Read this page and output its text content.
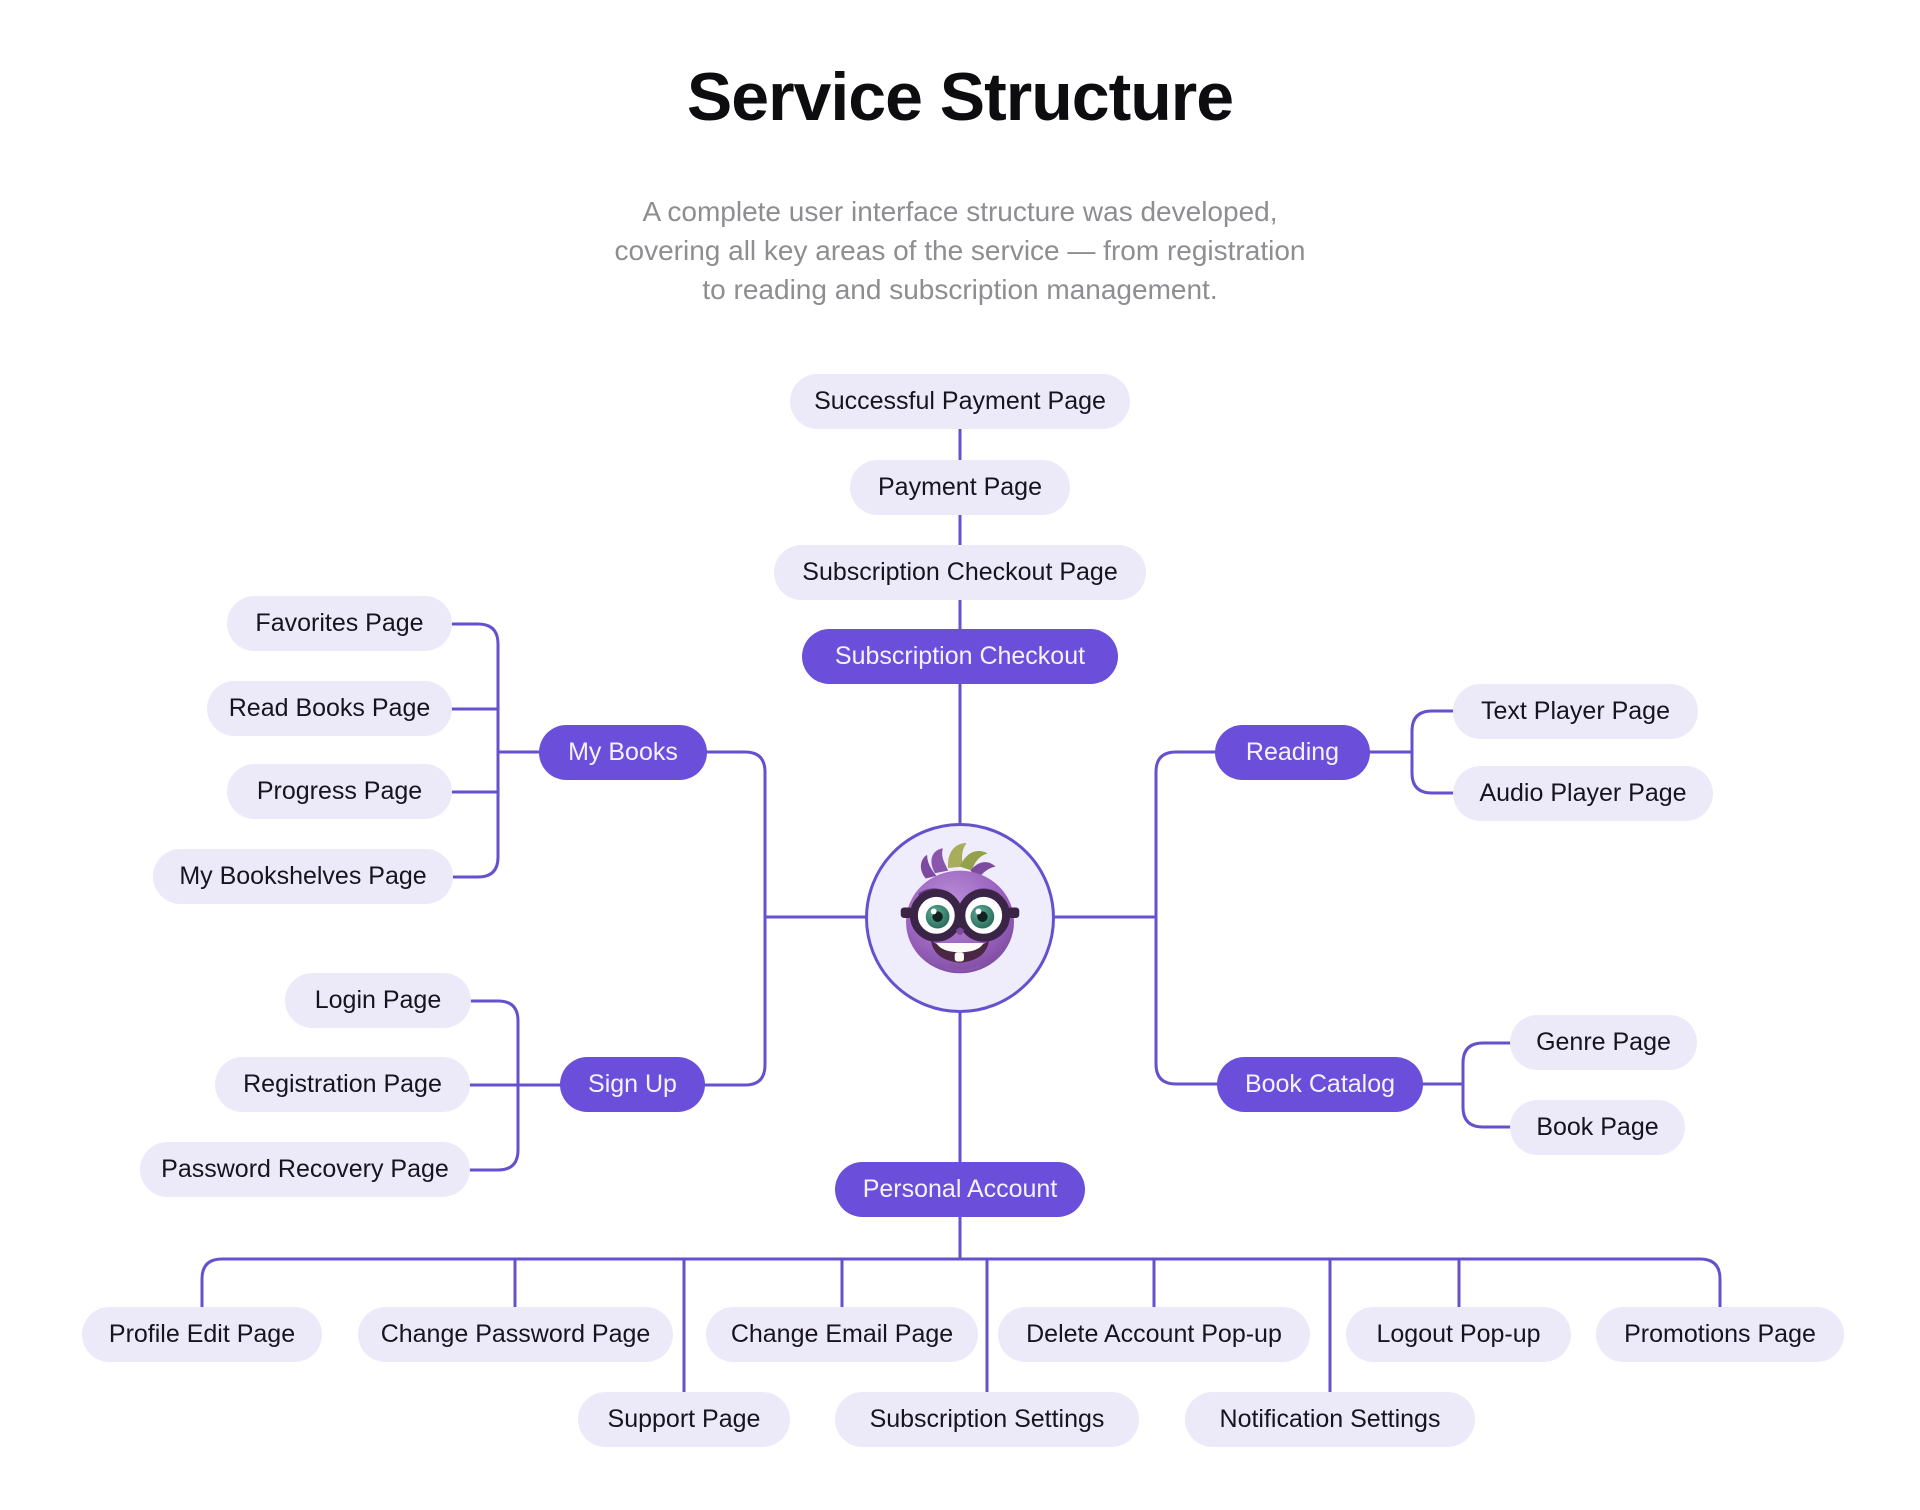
Service Structure
A complete user interface structure was developed,
covering all key areas of the service — from registration
to reading and subscription management.
Successful Payment Page
Payment Page
Subscription Checkout Page
Subscription Checkout
Favorites Page
Read Books Page
Progress Page
My Bookshelves Page
My Books	Reading
Text Player Page
Audio Player Page
Login Page
Registration Page
Password Recovery Page
Sign Up	Book Catalog
Genre Page
Book Page
Personal Account
Profile Edit Page	Change Password Page	Change Email Page	Delete Account Pop-up	Logout Pop-up	Promotions Page
Support Page	Subscription Settings	Notification Settings
